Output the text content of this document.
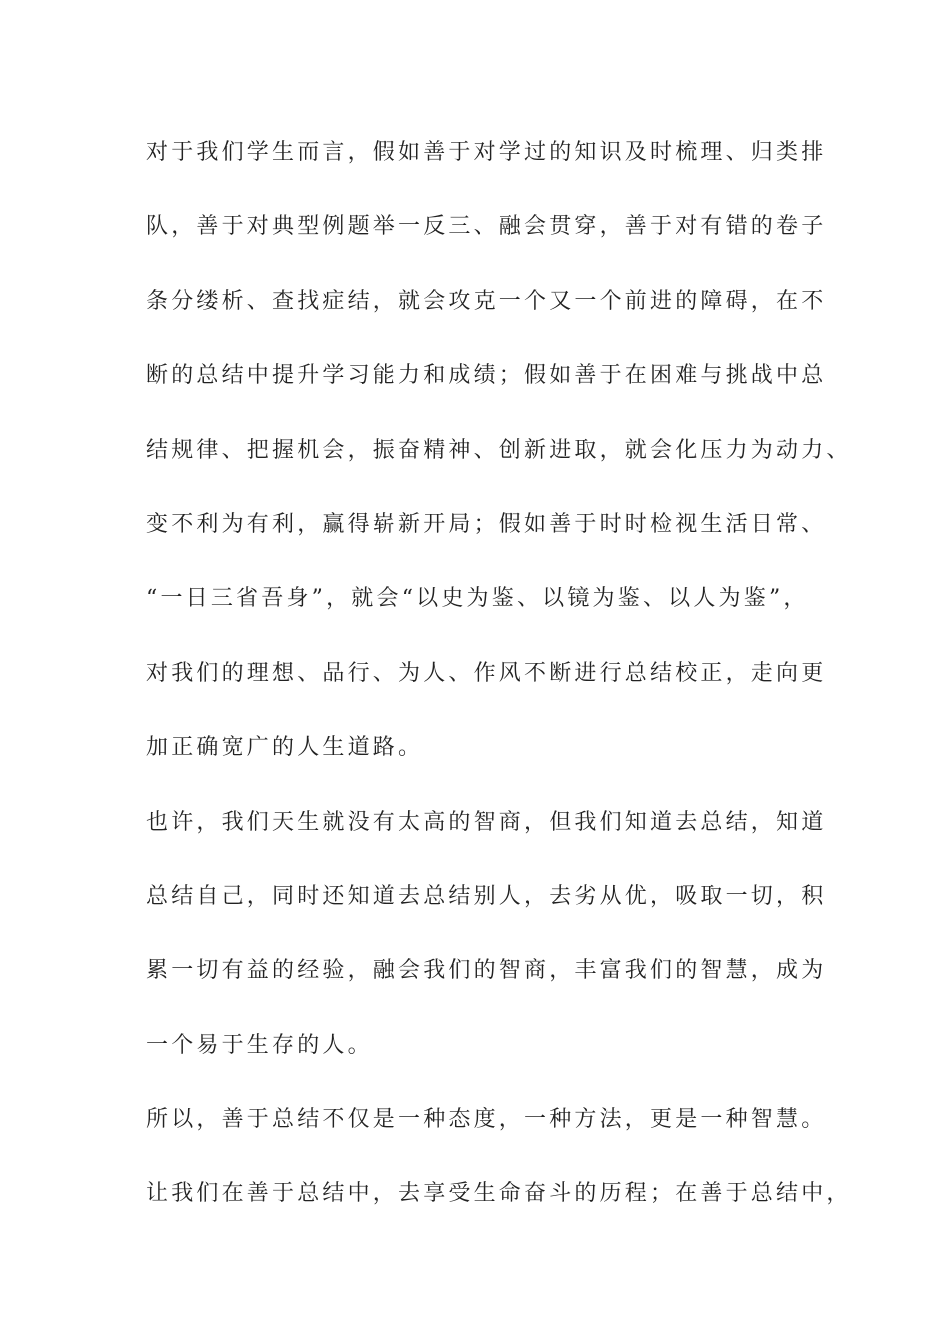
对于我们学生而言，假如善于对学过的知识及时梳理、归类排
队，善于对典型例题举一反三、融会贯穿，善于对有错的卷子
条分缕析、查找症结，就会攻克一个又一个前进的障碍，在不
断的总结中提升学习能力和成绩；假如善于在困难与挑战中总
结规律、把握机会，振奋精神、创新进取，就会化压力为动力、
变不利为有利，赢得崭新开局；假如善于时时检视生活日常、
“一日三省吾身”，就会“以史为鉴、以镜为鉴、以人为鉴”，
对我们的理想、品行、为人、作风不断进行总结校正，走向更
加正确宽广的人生道路。
也许，我们天生就没有太高的智商，但我们知道去总结，知道
总结自己，同时还知道去总结别人，去劣从优，吸取一切，积
累一切有益的经验，融会我们的智商，丰富我们的智慧，成为
一个易于生存的人。
所以，善于总结不仅是一种态度，一种方法，更是一种智慧。
让我们在善于总结中，去享受生命奋斗的历程；在善于总结中，
